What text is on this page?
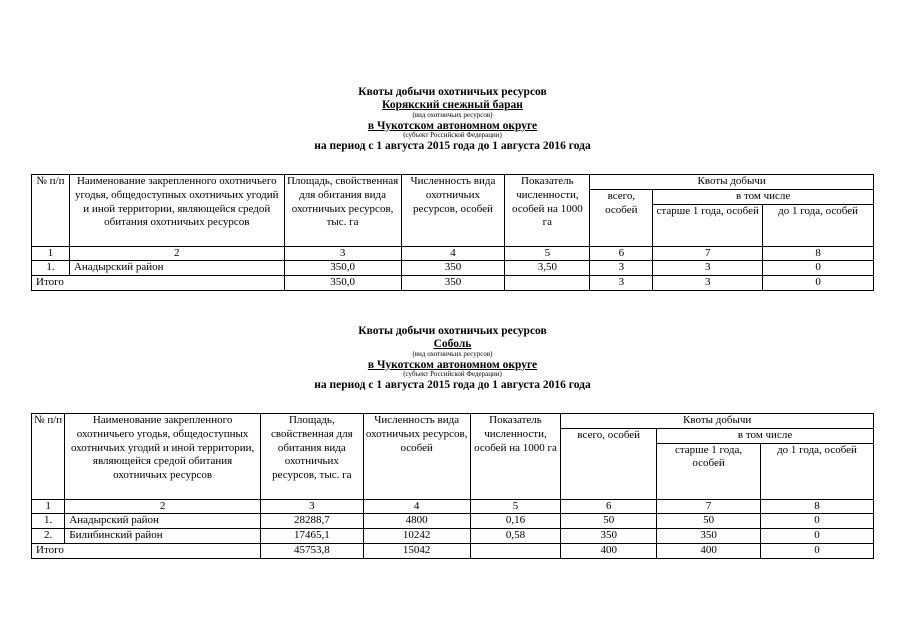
Квоты добычи охотничьих ресурсов
Корякский снежный баран
(вид охотничьих ресурсов)
в Чукотском автономном округе
(субъект Российской Федерации)
на период с 1 августа 2015 года до 1 августа 2016 года
№ п/п	Наименование закрепленного охотничьего угодья, общедоступных охотничьих угодий и иной территории, являющейся средой обитания охотничьих ресурсов	Площадь, свойственная для обитания вида охотничьих ресурсов, тыс. га	Численность вида охотничьих ресурсов, особей	Показатель численности, особей на 1000 га	Квоты добычи		
					всего, особей	в том числе	
						старше 1 года, особей	до 1 года, особей
1	2	3	4	5	6	7	8
1.	Анадырский район	350,0	350	3,50	3	3	0
Итого		350,0	350		3	3	0
Квоты добычи охотничьих ресурсов
Соболь
(вид охотничьих ресурсов)
в Чукотском автономном округе
(субъект Российской Федерации)
на период с 1 августа 2015 года до 1 августа 2016 года
№ п/п	Наименование закрепленного охотничьего угодья, общедоступных охотничьих угодий и иной территории, являющейся средой обитания охотничьих ресурсов	Площадь, свойственная для обитания вида охотничьих ресурсов, тыс. га	Численность вида охотничьих ресурсов, особей	Показатель численности, особей на 1000 га	Квоты добычи		
					всего, особей	в том числе	
						старше 1 года, особей	до 1 года, особей
1	2	3	4	5	6	7	8
1.	Анадырский район	28288,7	4800	0,16	50	50	0
2.	Билибинский район	17465,1	10242	0,58	350	350	0
Итого		45753,8	15042		400	400	0
